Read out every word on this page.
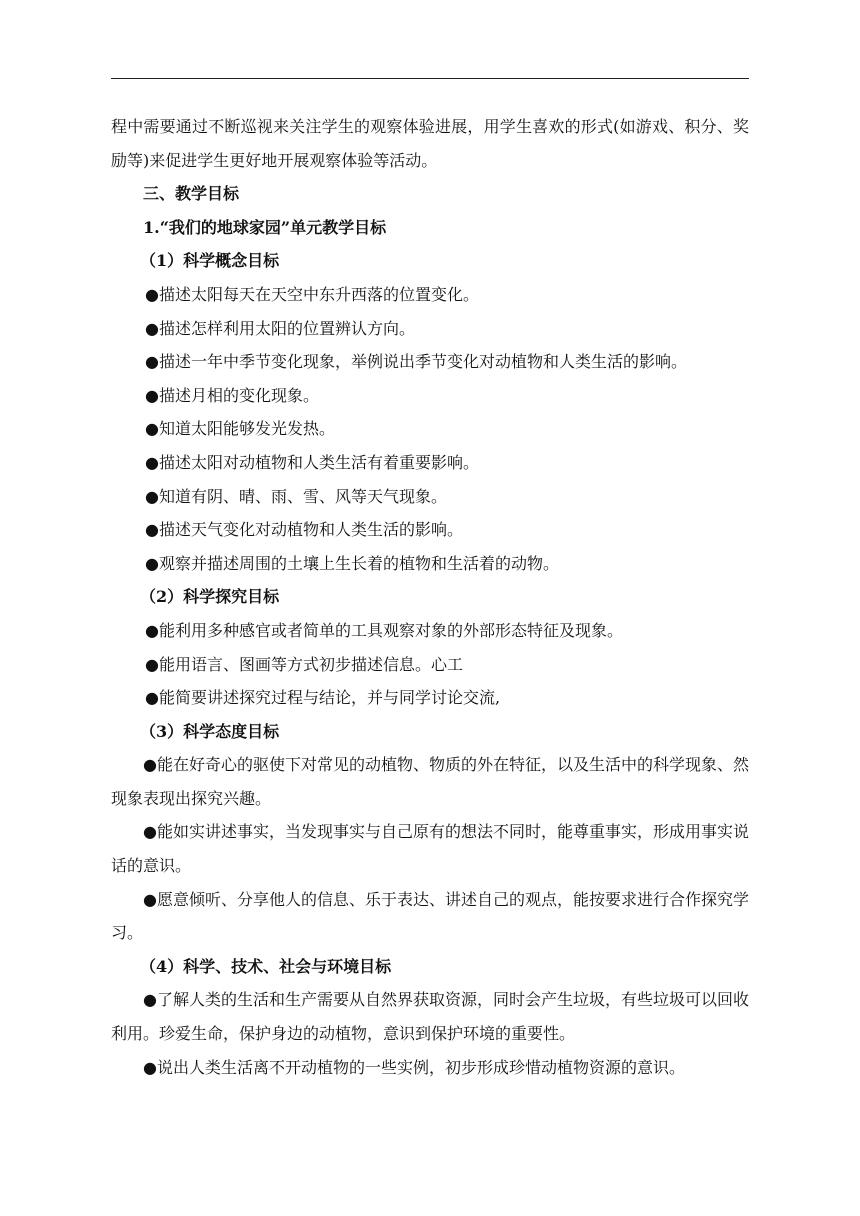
程中需要通过不断巡视来关注学生的观察体验进展，用学生喜欢的形式(如游戏、积分、奖励等)来促进学生更好地开展观察体验等活动。
三、教学目标
1.“我们的地球家园”单元教学目标
（1）科学概念目标
●描述太阳每天在天空中东升西落的位置变化。
●描述怎样利用太阳的位置辨认方向。
●描述一年中季节变化现象，举例说出季节变化对动植物和人类生活的影响。
●描述月相的变化现象。
●知道太阳能够发光发热。
●描述太阳对动植物和人类生活有着重要影响。
●知道有阴、晴、雨、雪、风等天气现象。
●描述天气变化对动植物和人类生活的影响。
●观察并描述周围的土壤上生长着的植物和生活着的动物。
（2）科学探究目标
●能利用多种感官或者简单的工具观察对象的外部形态特征及现象。
●能用语言、图画等方式初步描述信息。心工
●能简要讲述探究过程与结论，并与同学讨论交流,
（3）科学态度目标
●能在好奇心的驱使下对常见的动植物、物质的外在特征，以及生活中的科学现象、然现象表现出探究兴趣。
●能如实讲述事实，当发现事实与自己原有的想法不同时，能尊重事实，形成用事实说话的意识。
●愿意倾听、分享他人的信息、乐于表达、讲述自己的观点，能按要求进行合作探究学习。
（4）科学、技术、社会与环境目标
●了解人类的生活和生产需要从自然界获取资源，同时会产生垃圾，有些垃圾可以回收利用。珍爱生命，保护身边的动植物，意识到保护环境的重要性。
●说出人类生活离不开动植物的一些实例，初步形成珍惜动植物资源的意识。
